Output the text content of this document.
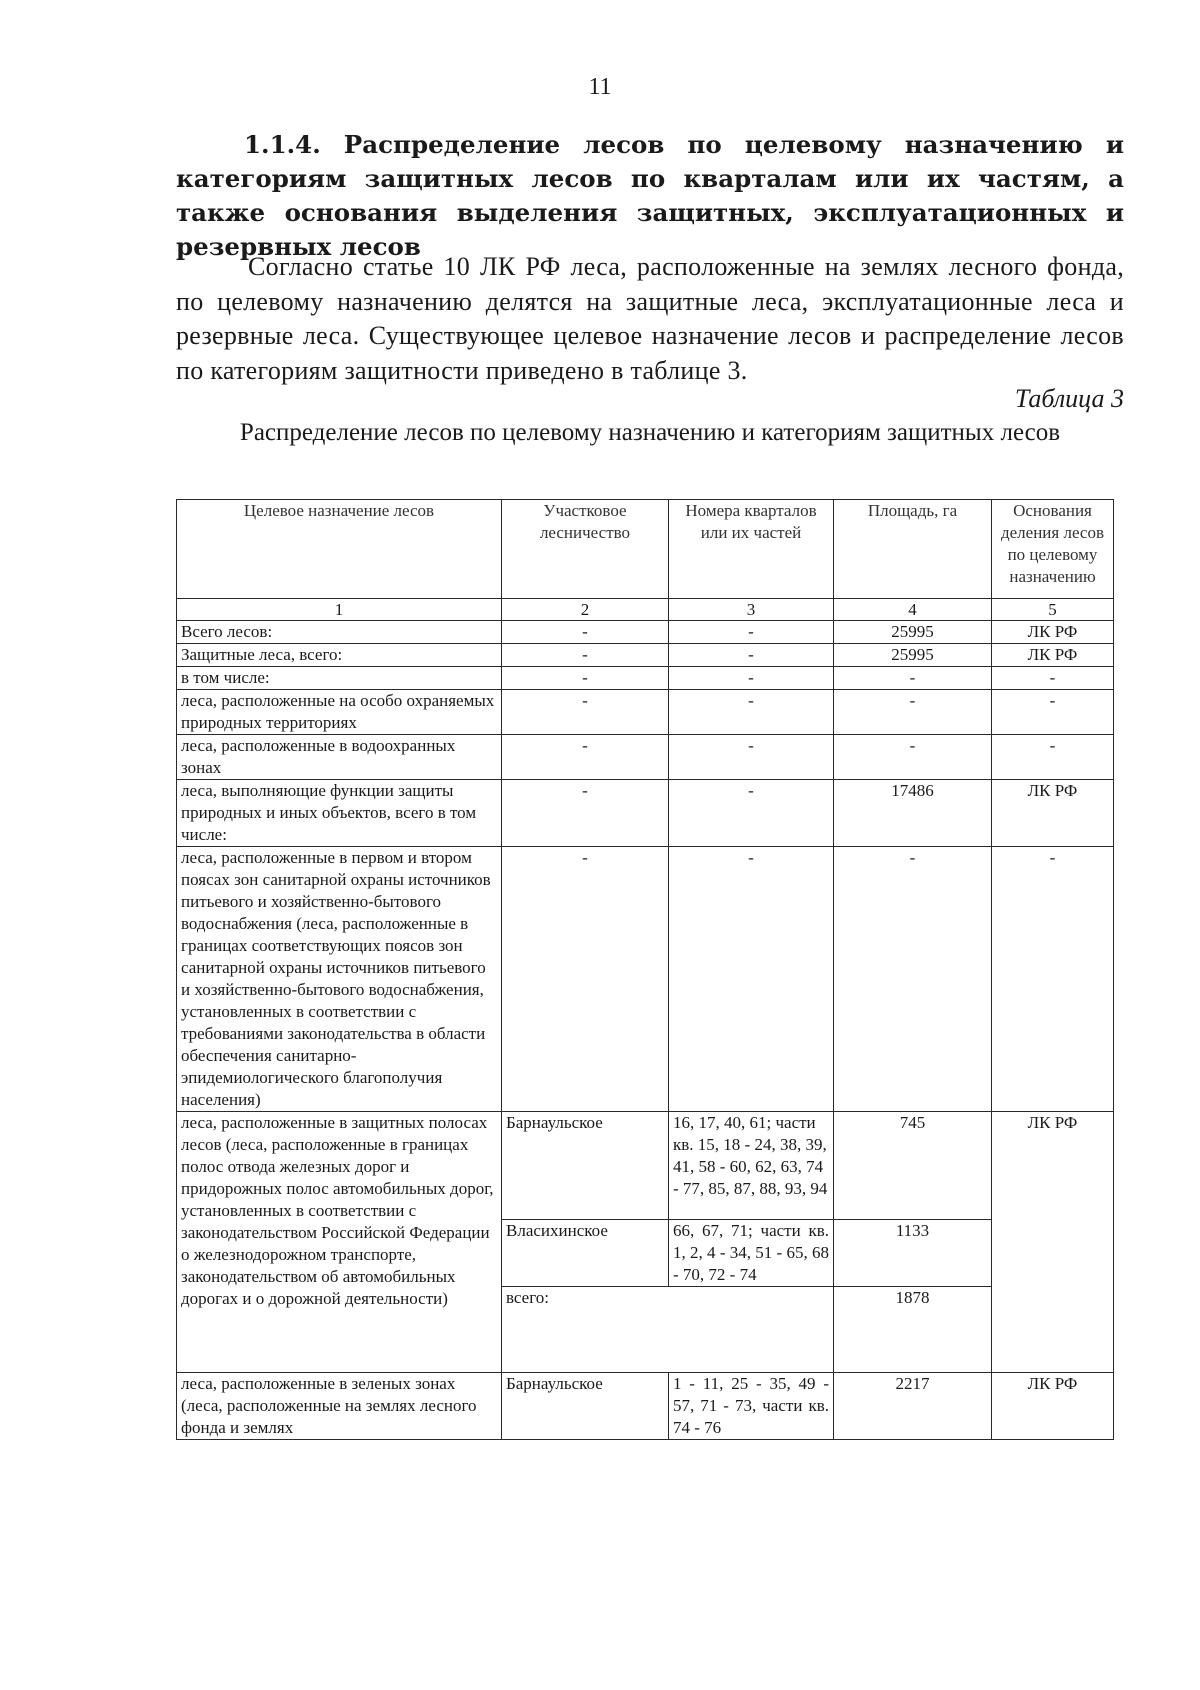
11

1.1.4. Распределение лесов по целевому назначению и категориям защитных лесов по кварталам или их частям, а также основания выделения защитных, эксплуатационных и резервных лесов

Согласно статье 10 ЛК РФ леса, расположенные на землях лесного фонда, по целевому назначению делятся на защитные леса, эксплуатационные леса и резервные леса. Существующее целевое назначение лесов и распределение лесов по категориям защитности приведено в таблице 3.

Таблица 3

Распределение лесов по целевому назначению и категориям защитных лесов

Целевое назначение лесов	Участковое лесничество	Номера кварталов или их частей	Площадь, га	Основания деления лесов по целевому назначению
1	2	3	4	5
Всего лесов:	-	-	25995	ЛК РФ
Защитные леса, всего:	-	-	25995	ЛК РФ
в том числе:	-	-	-	-
леса, расположенные на особо охраняемых природных территориях	-	-	-	-
леса, расположенные в водоохранных зонах	-	-	-	-
леса, выполняющие функции защиты природных и иных объектов, всего в том числе:	-	-	17486	ЛК РФ
леса, расположенные в первом и втором поясах зон санитарной охраны источников питьевого и хозяйственно-бытового водоснабжения (леса, расположенные в границах соответствующих поясов зон санитарной охраны источников питьевого и хозяйственно-бытового водоснабжения, установленных в соответствии с требованиями законодательства в области обеспечения санитарно-эпидемиологического благополучия населения)	-	-	-	-
леса, расположенные в защитных полосах лесов (леса, расположенные в границах полос отвода железных дорог и придорожных полос автомобильных дорог, установленных в соответствии с законодательством Российской Федерации о железнодорожном транспорте, законодательством об автомобильных дорогах и о дорожной деятельности)	Барнаульское	16, 17, 40, 61; части кв. 15, 18 - 24, 38, 39, 41, 58 - 60, 62, 63, 74 - 77, 85, 87, 88, 93, 94	745	ЛК РФ
	Власихинское	66, 67, 71; части кв. 1, 2, 4 - 34, 51 - 65, 68 - 70, 72 - 74	1133	
	всего:		1878	
леса, расположенные в зеленых зонах (леса, расположенные на землях лесного фонда и землях	Барнаульское	1 - 11, 25 - 35, 49 - 57, 71 - 73, части кв. 74 - 76	2217	ЛК РФ
